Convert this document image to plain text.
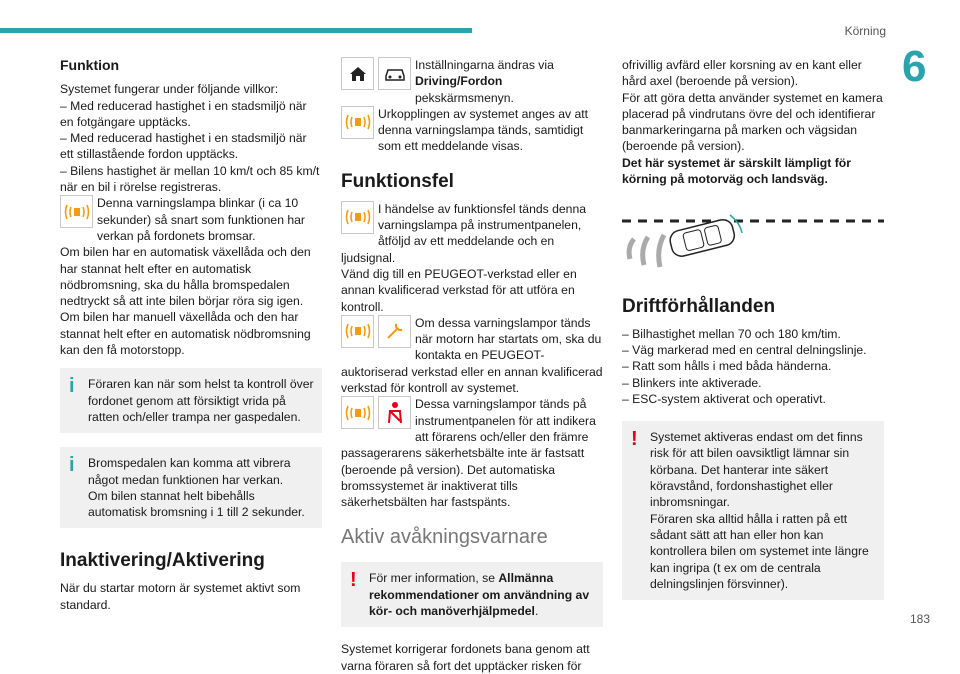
Körning
6
183
Funktion

Systemet fungerar under följande villkor:
– Med reducerad hastighet i en stadsmiljö när en fotgängare upptäcks.
– Med reducerad hastighet i en stadsmiljö när ett stillastående fordon upptäcks.
– Bilens hastighet är mellan 10 km/t och 85 km/t när en bil i rörelse registreras.

Denna varningslampa blinkar (i ca 10 sekunder) så snart som funktionen har verkan på fordonets bromsar.
Om bilen har en automatisk växellåda och den har stannat helt efter en automatisk nödbromsning, ska du hålla bromspedalen nedtryckt så att inte bilen börjar röra sig igen.
Om bilen har manuell växellåda och den har stannat helt efter en automatisk nödbromsning kan den få motorstopp.

i Föraren kan när som helst ta kontroll över fordonet genom att försiktigt vrida på ratten och/eller trampa ner gaspedalen.

i Bromspedalen kan komma att vibrera något medan funktionen har verkan.
Om bilen stannat helt bibehålls automatisk bromsning i 1 till 2 sekunder.

Inaktivering/Aktivering

När du startar motorn är systemet aktivt som standard.

Inställningarna ändras via Driving/Fordon pekskärmsmenyn.

Urkopplingen av systemet anges av att denna varningslampa tänds, samtidigt som ett meddelande visas.

Funktionsfel

I händelse av funktionsfel tänds denna varningslampa på instrumentpanelen, åtföljd av ett meddelande och en ljudsignal.
Vänd dig till en PEUGEOT-verkstad eller en annan kvalificerad verkstad för att utföra en kontroll.

Om dessa varningslampor tänds när motorn har startats om, ska du kontakta en PEUGEOT-auktoriserad verkstad eller en annan kvalificerad verkstad för kontroll av systemet.

Dessa varningslampor tänds på instrumentpanelen för att indikera att förarens och/eller den främre passagerarens säkerhetsbälte inte är fastsatt (beroende på version). Det automatiska bromssystemet är inaktiverat tills säkerhetsbälten har fastspänts.

Aktiv avåkningsvarnare
! För mer information, se Allmänna rekommendationer om användning av kör- och manöverhjälpmedel.

Systemet korrigerar fordonets bana genom att varna föraren så fort det upptäcker risken för

ofrivillig avfärd eller korsning av en kant eller hård axel (beroende på version).
För att göra detta använder systemet en kamera placerad på vindrutans övre del och identifierar banmarkeringarna på marken och vägsidan (beroende på version).

Det här systemet är särskilt lämpligt för körning på motorväg och landsväg.

Driftförhållanden

– Bilhastighet mellan 70 och 180 km/tim.
– Väg markerad med en central delningslinje.
– Ratt som hålls i med båda händerna.
– Blinkers inte aktiverade.
– ESC-system aktiverat och operativt.

! Systemet aktiveras endast om det finns risk för att bilen oavsiktligt lämnar sin körbana. Det hanterar inte säkert köravstånd, fordonshastighet eller inbromsningar.
Föraren ska alltid hålla i ratten på ett sådant sätt att han eller hon kan kontrollera bilen om systemet inte längre kan ingripa (t ex om de centrala delningslinjen försvinner).
